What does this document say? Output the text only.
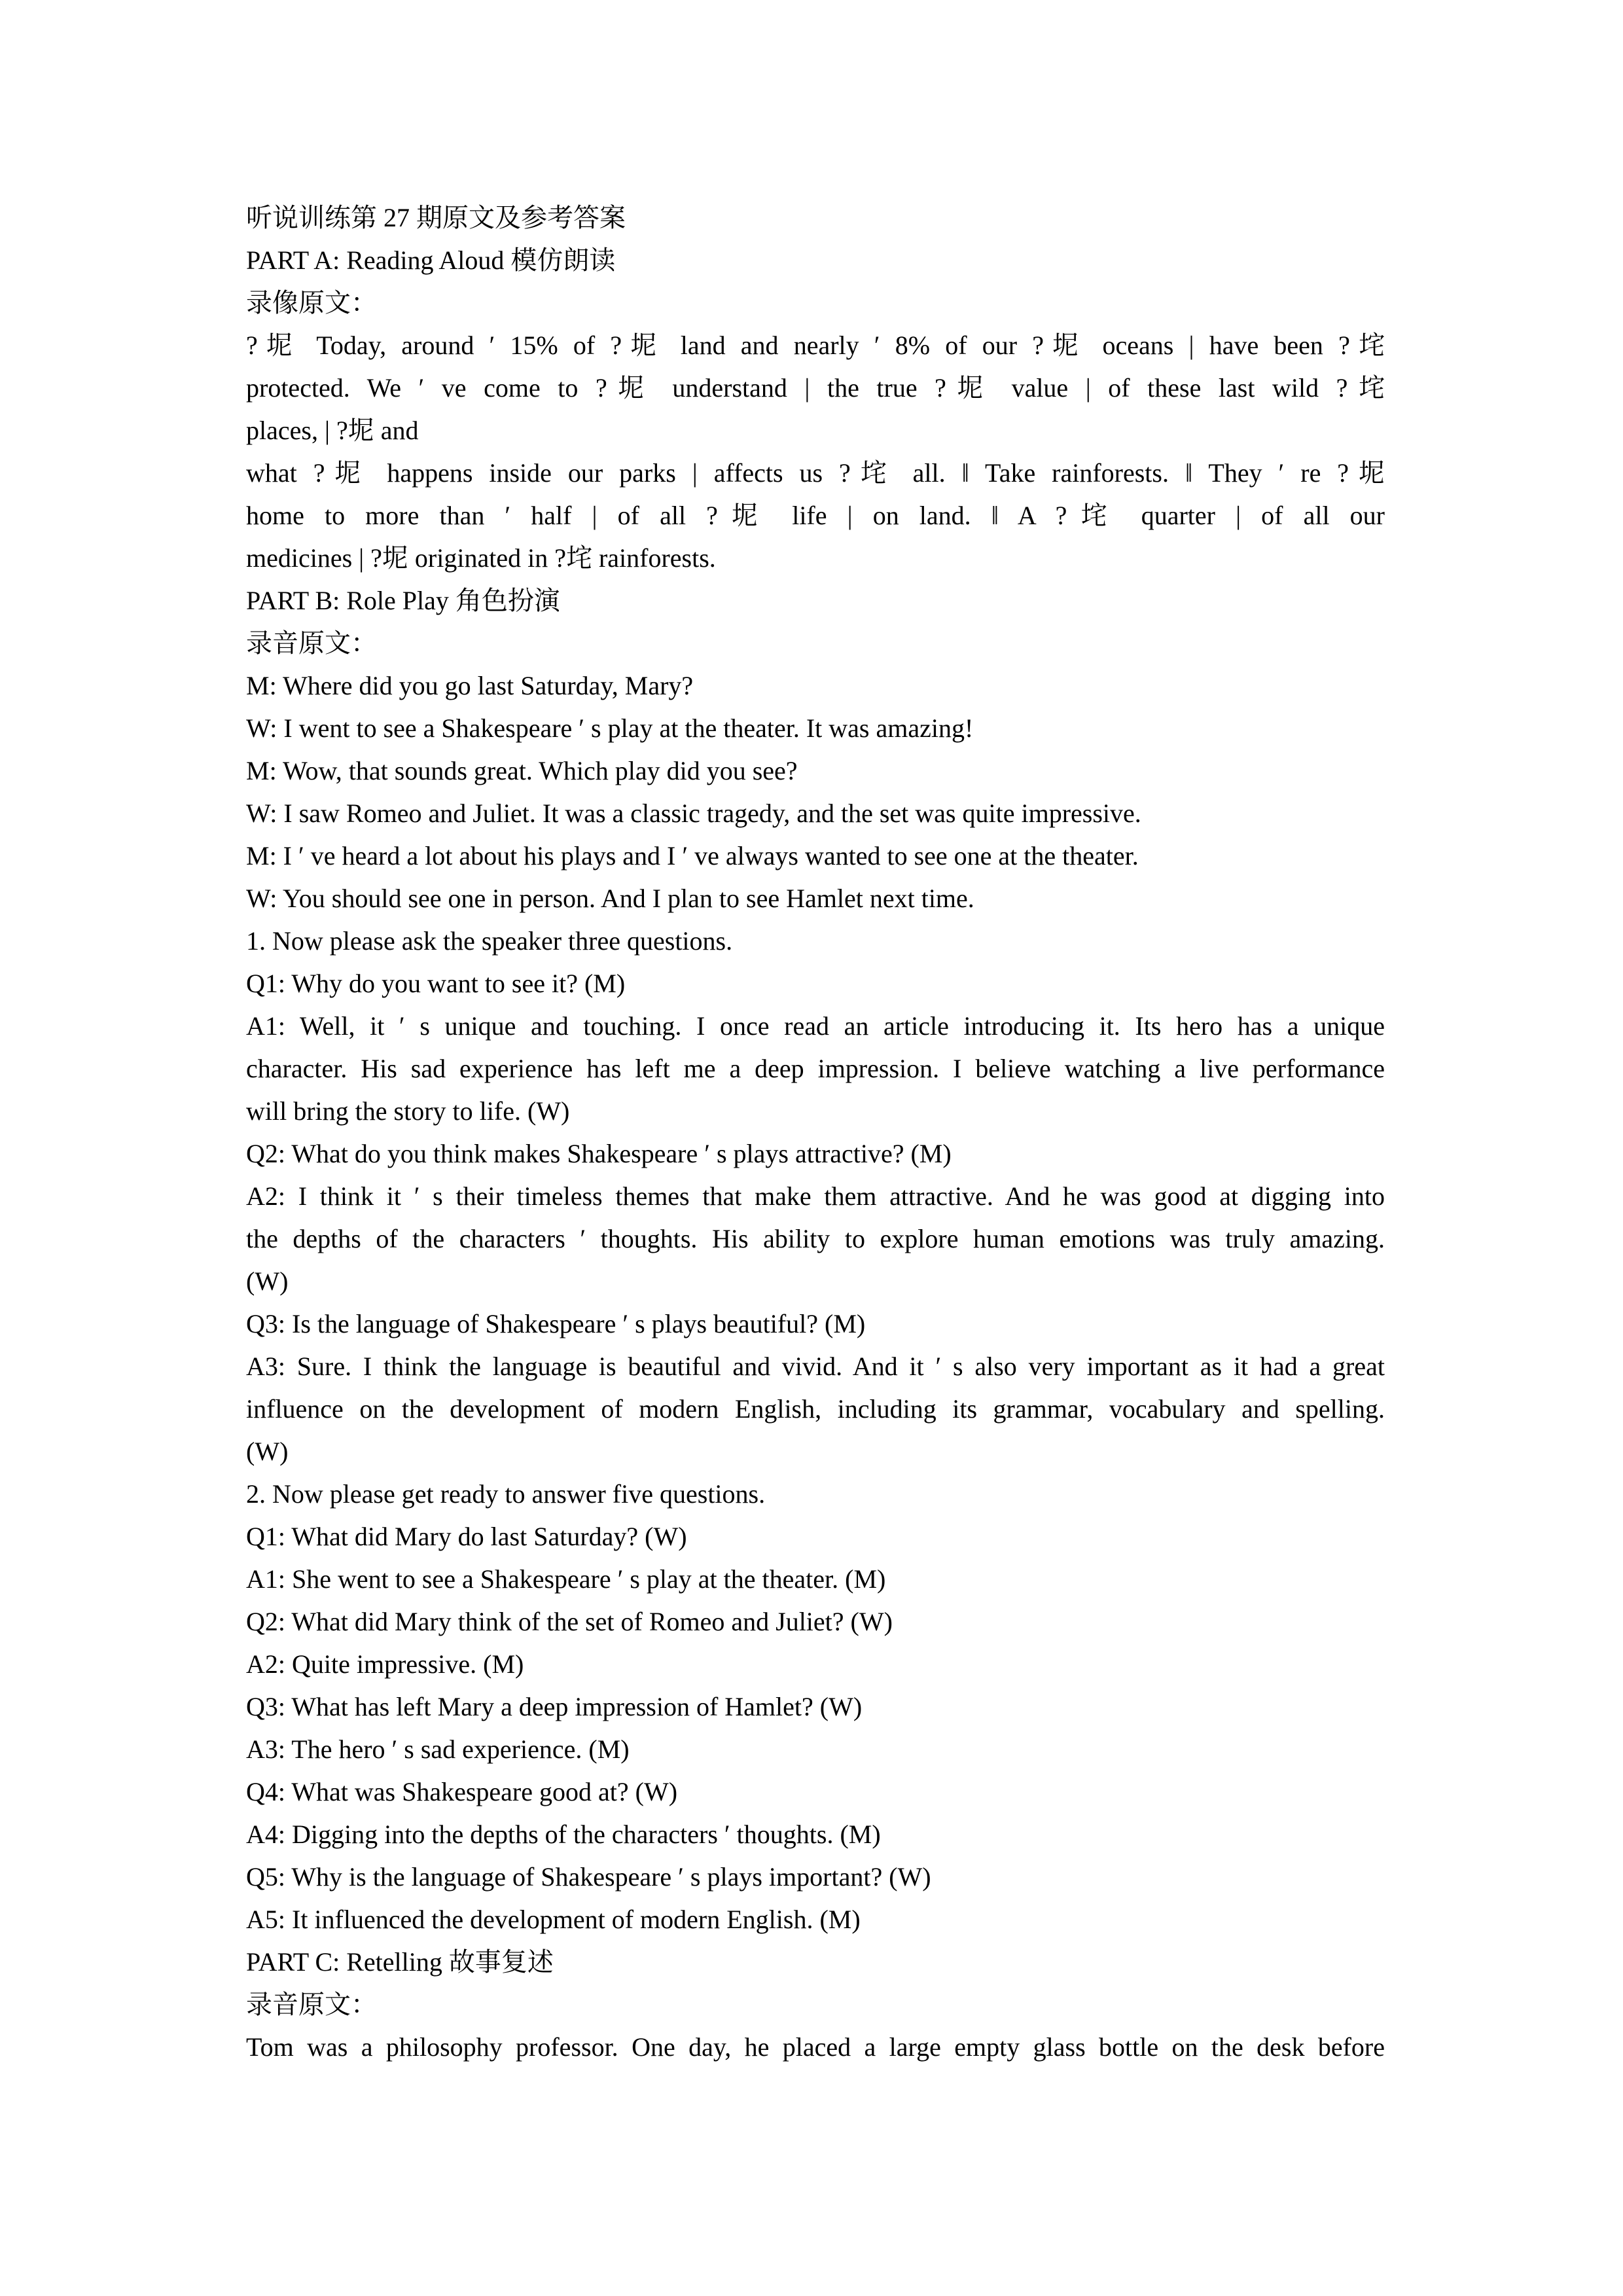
听说训练第 27 期原文及参考答案
PART A: Reading Aloud 模仿朗读
录像原文：
?坭 Today, around ′ 15% of ?坭 land and nearly ′ 8% of our ?坭 oceans | have been ?垞
protected. We ′ ve come to ?坭 understand | the true ?坭 value | of these last wild ?垞
places, | ?坭 and
what ?坭 happens inside our parks | affects us ?垞 all. ‖ Take rainforests. ‖ They ′ re ?坭
home to more than ′ half | of all ?坭 life | on land. ‖ A ?垞 quarter | of all our
medicines | ?坭 originated in ?垞 rainforests.
PART B: Role Play 角色扮演
录音原文：
M: Where did you go last Saturday, Mary?
W: I went to see a Shakespeare ′ s play at the theater. It was amazing!
M: Wow, that sounds great. Which play did you see?
W: I saw Romeo and Juliet. It was a classic tragedy, and the set was quite impressive.
M: I ′ ve heard a lot about his plays and I ′ ve always wanted to see one at the theater.
W: You should see one in person. And I plan to see Hamlet next time.
1. Now please ask the speaker three questions.
Q1: Why do you want to see it? (M)
A1: Well, it ′ s unique and touching. I once read an article introducing it. Its hero has a unique
character. His sad experience has left me a deep impression. I believe watching a live performance
will bring the story to life. (W)
Q2: What do you think makes Shakespeare ′ s plays attractive? (M)
A2: I think it ′ s their timeless themes that make them attractive. And he was good at digging into
the depths of the characters ′ thoughts. His ability to explore human emotions was truly amazing.
(W)
Q3: Is the language of Shakespeare ′ s plays beautiful? (M)
A3: Sure. I think the language is beautiful and vivid. And it ′ s also very important as it had a great
influence on the development of modern English, including its grammar, vocabulary and spelling.
(W)
2. Now please get ready to answer five questions.
Q1: What did Mary do last Saturday? (W)
A1: She went to see a Shakespeare ′ s play at the theater. (M)
Q2: What did Mary think of the set of Romeo and Juliet? (W)
A2: Quite impressive. (M)
Q3: What has left Mary a deep impression of Hamlet? (W)
A3: The hero ′ s sad experience. (M)
Q4: What was Shakespeare good at? (W)
A4: Digging into the depths of the characters ′ thoughts. (M)
Q5: Why is the language of Shakespeare ′ s plays important? (W)
A5: It influenced the development of modern English. (M)
PART C: Retelling 故事复述
录音原文：
Tom was a philosophy professor. One day, he placed a large empty glass bottle on the desk before
